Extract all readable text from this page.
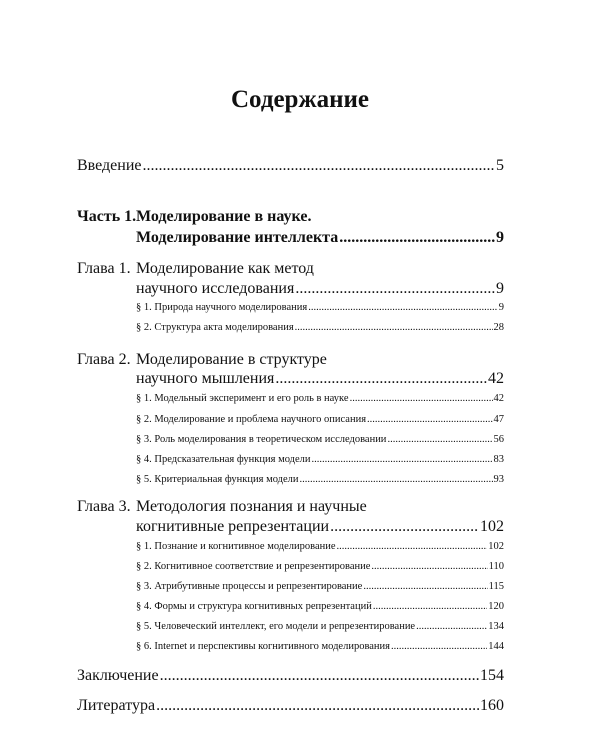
Содержание
Введение .....	5
Часть 1. Моделирование в науке.
Моделирование интеллекта .....	9
Глава 1. Моделирование как метод
научного исследования .....	9
§ 1. Природа научного моделирования .....	9
§ 2. Структура акта моделирования .....	28
Глава 2. Моделирование в структуре
научного мышления .....	42
§ 1. Модельный эксперимент и его роль в науке .....	42
§ 2. Моделирование и проблема научного описания .....	47
§ 3. Роль моделирования в теоретическом исследовании .....	56
§ 4. Предсказательная функция модели .....	83
§ 5. Критериальная функция модели .....	93
Глава 3. Методология познания и научные
когнитивные репрезентации .....	102
§ 1. Познание и когнитивное моделирование .....	102
§ 2. Когнитивное соответствие и репрезентирование .....	110
§ 3. Атрибутивные процессы и репрезентирование .....	115
§ 4. Формы и структура когнитивных репрезентаций .....	120
§ 5. Человеческий интеллект, его модели и репрезентирование .....	134
§ 6. Internet и перспективы когнитивного моделирования .....	144
Заключение .....	154
Литература .....	160
